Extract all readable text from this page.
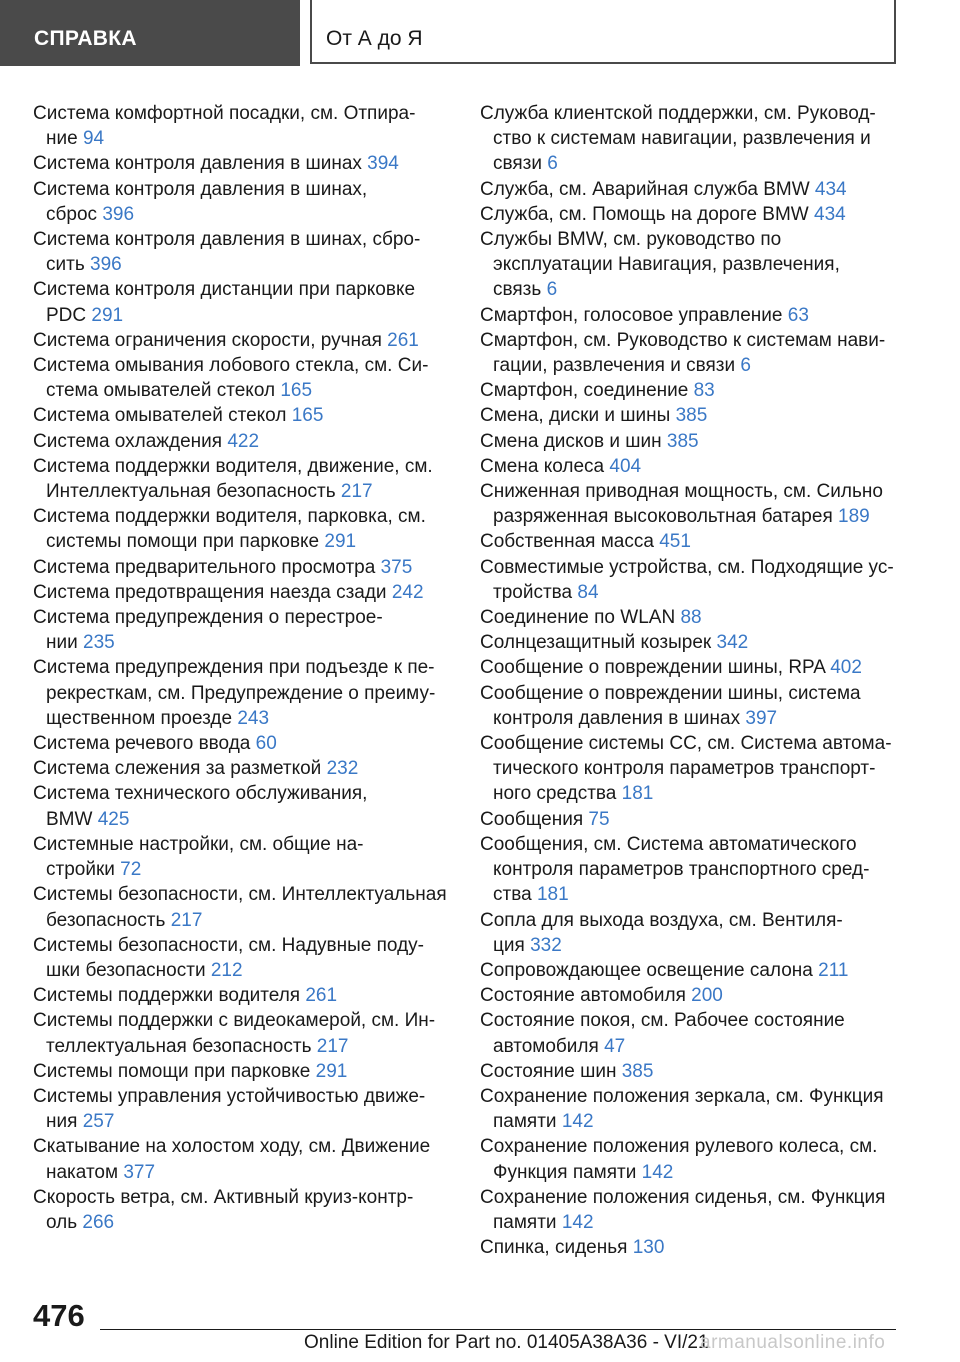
СПРАВКА	От А до Я
Система комфортной посадки, см. Отпира-
ние 94
Система контроля давления в шинах 394
Система контроля давления в шинах,
сброс 396
Система контроля давления в шинах, сбро-
сить 396
Система контроля дистанции при парковке
PDC 291
Система ограничения скорости, ручная 261
Система омывания лобового стекла, см. Си-
стема омывателей стекол 165
Система омывателей стекол 165
Система охлаждения 422
Система поддержки водителя, движение, см.
Интеллектуальная безопасность 217
Система поддержки водителя, парковка, см.
системы помощи при парковке 291
Система предварительного просмотра 375
Система предотвращения наезда сзади 242
Система предупреждения о перестрое-
нии 235
Система предупреждения при подъезде к пе-
рекресткам, см. Предупреждение о преиму-
щественном проезде 243
Система речевого ввода 60
Система слежения за разметкой 232
Система технического обслуживания,
BMW 425
Системные настройки, см. общие на-
стройки 72
Системы безопасности, см. Интеллектуальная
безопасность 217
Системы безопасности, см. Надувные поду-
шки безопасности 212
Системы поддержки водителя 261
Системы поддержки с видеокамерой, см. Ин-
теллектуальная безопасность 217
Системы помощи при парковке 291
Системы управления устойчивостью движе-
ния 257
Скатывание на холостом ходу, см. Движение
накатом 377
Скорость ветра, см. Активный круиз-контр-
оль 266
Служба клиентской поддержки, см. Руковод-
ство к системам навигации, развлечения и
связи 6
Служба, см. Аварийная служба BMW 434
Служба, см. Помощь на дороге BMW 434
Службы BMW, см. руководство по
эксплуатации Навигация, развлечения,
связь 6
Смартфон, голосовое управление 63
Смартфон, см. Руководство к системам нави-
гации, развлечения и связи 6
Смартфон, соединение 83
Смена, диски и шины 385
Смена дисков и шин 385
Смена колеса 404
Сниженная приводная мощность, см. Сильно
разряженная высоковольтная батарея 189
Собственная масса 451
Совместимые устройства, см. Подходящие ус-
тройства 84
Соединение по WLAN 88
Солнцезащитный козырек 342
Сообщение о повреждении шины, RPA 402
Сообщение о повреждении шины, система
контроля давления в шинах 397
Сообщение системы CC, см. Система автома-
тического контроля параметров транспорт-
ного средства 181
Сообщения 75
Сообщения, см. Система автоматического
контроля параметров транспортного сред-
ства 181
Сопла для выхода воздуха, см. Вентиля-
ция 332
Сопровождающее освещение салона 211
Состояние автомобиля 200
Состояние покоя, см. Рабочее состояние
автомобиля 47
Состояние шин 385
Сохранение положения зеркала, см. Функция
памяти 142
Сохранение положения рулевого колеса, см.
Функция памяти 142
Сохранение положения сиденья, см. Функция
памяти 142
Спинка, сиденья 130
476
Online Edition for Part no. 01405A38A36 - VI/21
armanualsonline.info
